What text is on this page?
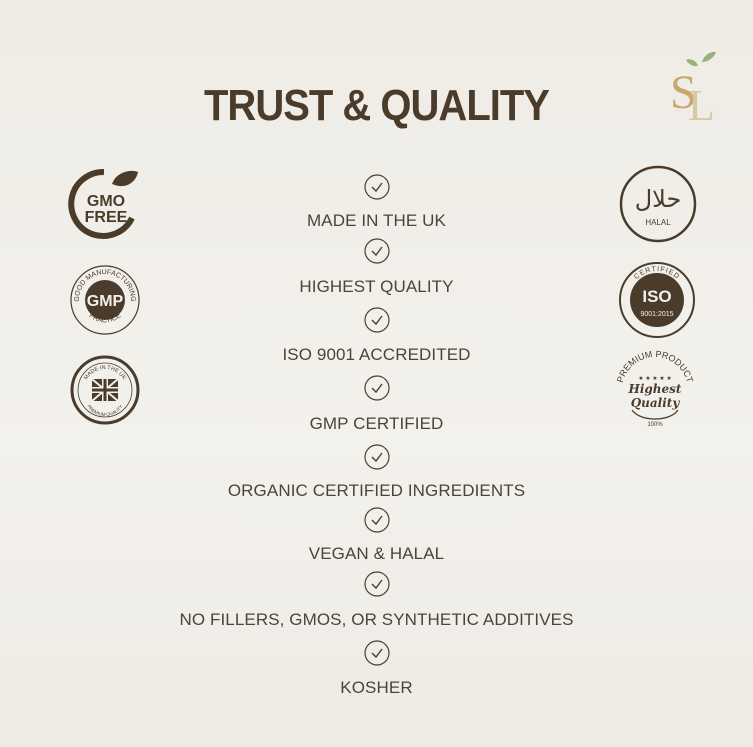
TRUST & QUALITY	S
L
MADE IN THE UK
HIGHEST QUALITY
ISO 9001 ACCREDITED
GMP CERTIFIED
ORGANIC CERTIFIED INGREDIENTS
VEGAN & HALAL
NO FILLERS, GMOS, OR SYNTHETIC ADDITIVES
KOSHER
GMO
FREE
GOOD MANUFACTURING
PRACTICE
GMP
MADE IN THE UK
PREMIUM QUALITY
حلال
HALAL
CERTIFIED
COMPANY
ISO
9001:2015
PREMIUM PRODUCT
★ ★ ★ ★ ★
Highest
Quality
100%
